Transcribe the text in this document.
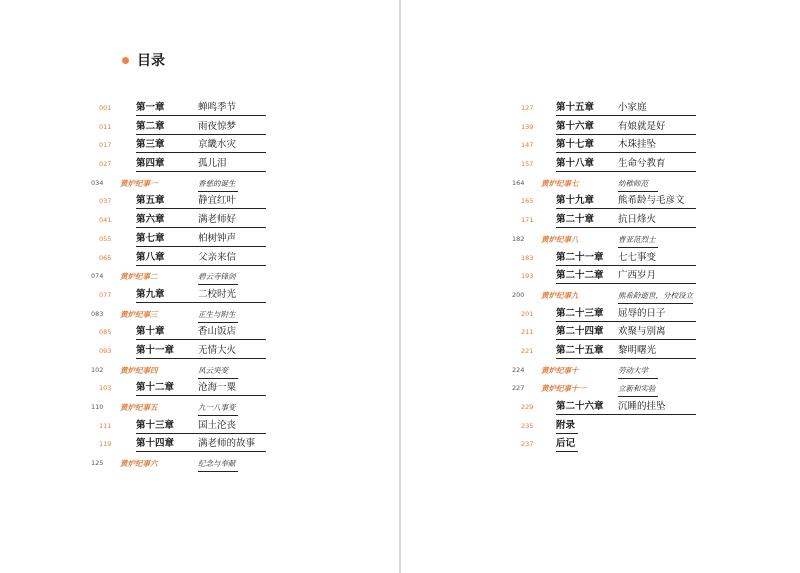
目录
001	第一章	蝉鸣季节
011	第二章	雨夜惊梦
017	第三章	京畿水灾
027	第四章	孤儿泪
034 黄炉纪事一	香慈的诞生
037	第五章	静宜红叶
041	第六章	满老师好
055	第七章	柏树钟声
065	第八章	父亲来信
074 黄炉纪事二	碧云寺锋剑
077	第九章	二校时光
083 黄炉纪事三	正生与附生
085	第十章	香山饭店
093	第十一章	无情大火
102 黄炉纪事四	风云突变
103	第十二章	沧海一粟
110 黄炉纪事五	九一八事变
111	第十三章	国土沦丧
119	第十四章	满老师的故事
125 黄炉纪事六	纪念与奉献
127 第十五章	小家庭
139 第十六章	有娘就是好
147 第十七章	木珠挂坠
157 第十八章	生命兮教育
164 黄炉纪事七	幼稚师范
165 第十九章	熊希龄与毛彦文
171 第二十章	抗日烽火
182 黄炉纪事八	曹亚范烈士
183 第二十一章 七七事变
193 第二十二章 广西岁月
200 黄炉纪事九	熊希龄逝世，分校设立
201 第二十三章 屈辱的日子
211 第二十四章 欢聚与别离
221 第二十五章 黎明曙光
224 黄炉纪事十	劳动大学
227 黄炉纪事十一	立新和实验
229 第二十六章 沉睡的挂坠
235 附录
237 后记
